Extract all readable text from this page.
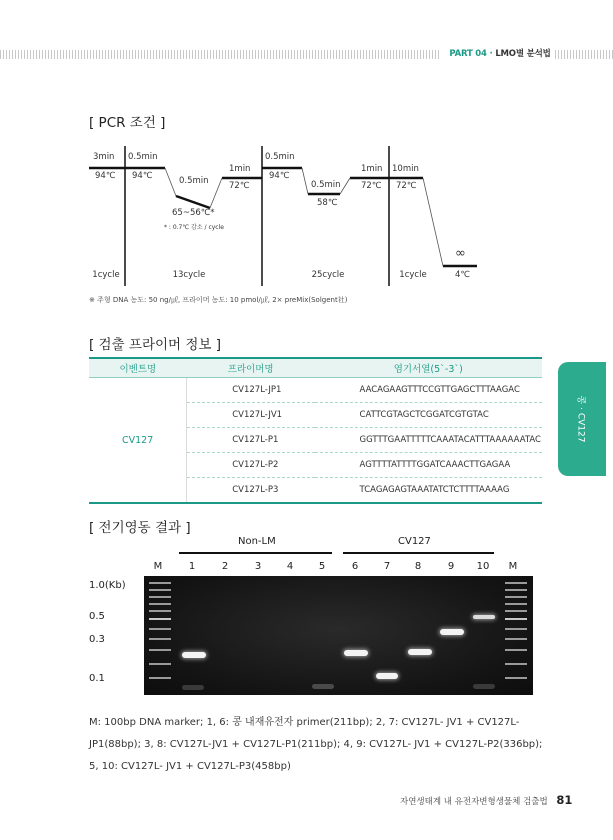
PART 04 · LMO별 분석법
[ PCR 조건 ]
3min
94℃
0.5min
94℃	0.5min
65~56℃*
* : 0.7℃ 감소 / cycle
1min
72℃
0.5min
94℃
0.5min
58℃
1min
72℃
10min
72℃
∞
4℃
1cycle	13cycle	25cycle	1cycle
※ 주형 DNA 농도: 50 ng/㎕, 프라이머 농도: 10 pmol/㎕, 2× preMix(Solgent社)
[ 검출 프라이머 정보 ]
이벤트명	프라이머명	염기서열(5`-3`)
CV127	CV127L-JP1	AACAGAAGTTTCCGTTGAGCTTTAAGAC
	CV127L-JV1	CATTCGTAGCTCGGATCGTGTAC
	CV127L-P1	GGTTTGAATTTTTCAAATACATTTAAAAAATAC
	CV127L-P2	AGTTTTATTTTGGATCAAACTTGAGAA
	CV127L-P3	TCAGAGAGTAAATATCTCTTTTAAAAG
콩 · CV127
[ 전기영동 결과 ]
Non-LM	CV127
M	1	2	3	4	5	6	7 8	9 10 M
1.0(Kb)
0.5
0.3
0.1
M: 100bp DNA marker; 1, 6: 콩 내재유전자 primer(211bp); 2, 7: CV127L- JV1 + CV127L-JP1(88bp); 3, 8: CV127L-JV1 + CV127L-P1(211bp); 4, 9: CV127L- JV1 + CV127L-P2(336bp); 5, 10: CV127L- JV1 + CV127L-P3(458bp)
자연생태계 내 유전자변형생물체 검출법 81
